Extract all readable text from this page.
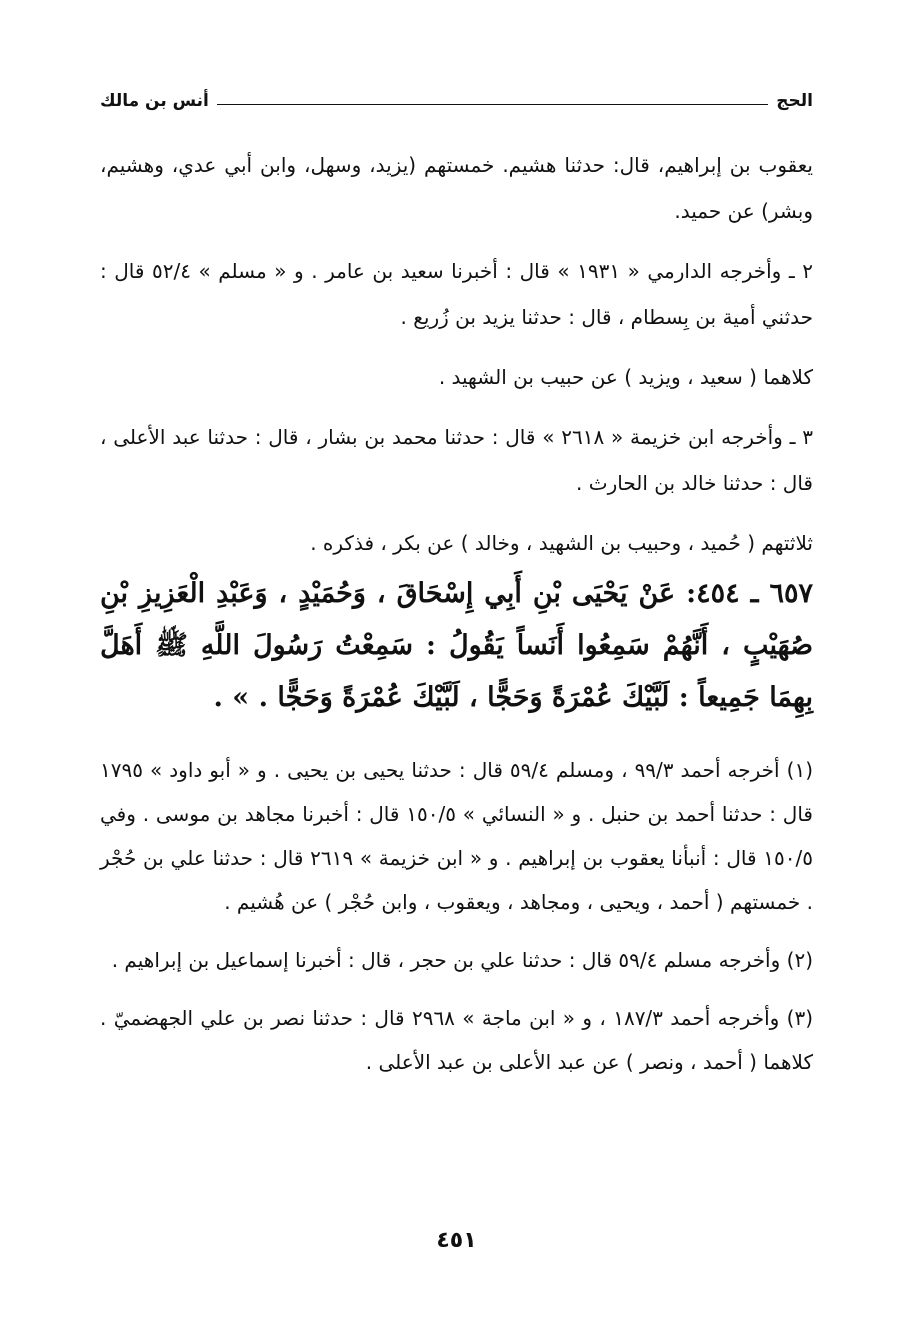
الحج
أنس بن مالك

يعقوب بن إبراهيم، قال: حدثنا هشيم. خمستهم (يزيد، وسهل، وابن أبي عدي، وهشيم، وبشر) عن حميد.

٢ ـ وأخرجه الدارمي « ١٩٣١ » قال : أخبرنا سعيد بن عامر . و « مسلم » ٥٢/٤ قال : حدثني أمية بن بِسطام ، قال : حدثنا يزيد بن زُريع .

كلاهما ( سعيد ، ويزيد ) عن حبيب بن الشهيد .

٣ ـ وأخرجه ابن خزيمة « ٢٦١٨ » قال : حدثنا محمد بن بشار ، قال : حدثنا عبد الأعلى ، قال : حدثنا خالد بن الحارث .

ثلاثتهم ( حُميد ، وحبيب بن الشهيد ، وخالد ) عن بكر ، فذكره .

٦٥٧ ـ ٤٥٤: عَنْ يَحْيَى بْنِ أَبِي إِسْحَاقَ ، وَحُمَيْدٍ ، وَعَبْدِ الْعَزِيزِ بْنِ صُهَيْبٍ ، أَنَّهُمْ سَمِعُوا أَنَساً يَقُولُ : سَمِعْتُ رَسُولَ اللَّهِ ﷺ أَهَلَّ بِهِمَا جَمِيعاً : لَبَّيْكَ عُمْرَةً وَحَجًّا ، لَبَّيْكَ عُمْرَةً وَحَجًّا . » .

(١) أخرجه أحمد ٩٩/٣ ، ومسلم ٥٩/٤ قال : حدثنا يحيى بن يحيى . و « أبو داود » ١٧٩٥ قال : حدثنا أحمد بن حنبل . و « النسائي » ١٥٠/٥ قال : أخبرنا مجاهد بن موسى . وفي ١٥٠/٥ قال : أنبأنا يعقوب بن إبراهيم . و « ابن خزيمة » ٢٦١٩ قال : حدثنا علي بن حُجْر . خمستهم ( أحمد ، ويحيى ، ومجاهد ، ويعقوب ، وابن حُجْر ) عن هُشيم .

(٢) وأخرجه مسلم ٥٩/٤ قال : حدثنا علي بن حجر ، قال : أخبرنا إسماعيل بن إبراهيم .

(٣) وأخرجه أحمد ١٨٧/٣ ، و « ابن ماجة » ٢٩٦٨ قال : حدثنا نصر بن علي الجهضميّ . كلاهما ( أحمد ، ونصر ) عن عبد الأعلى بن عبد الأعلى .

٤٥١
